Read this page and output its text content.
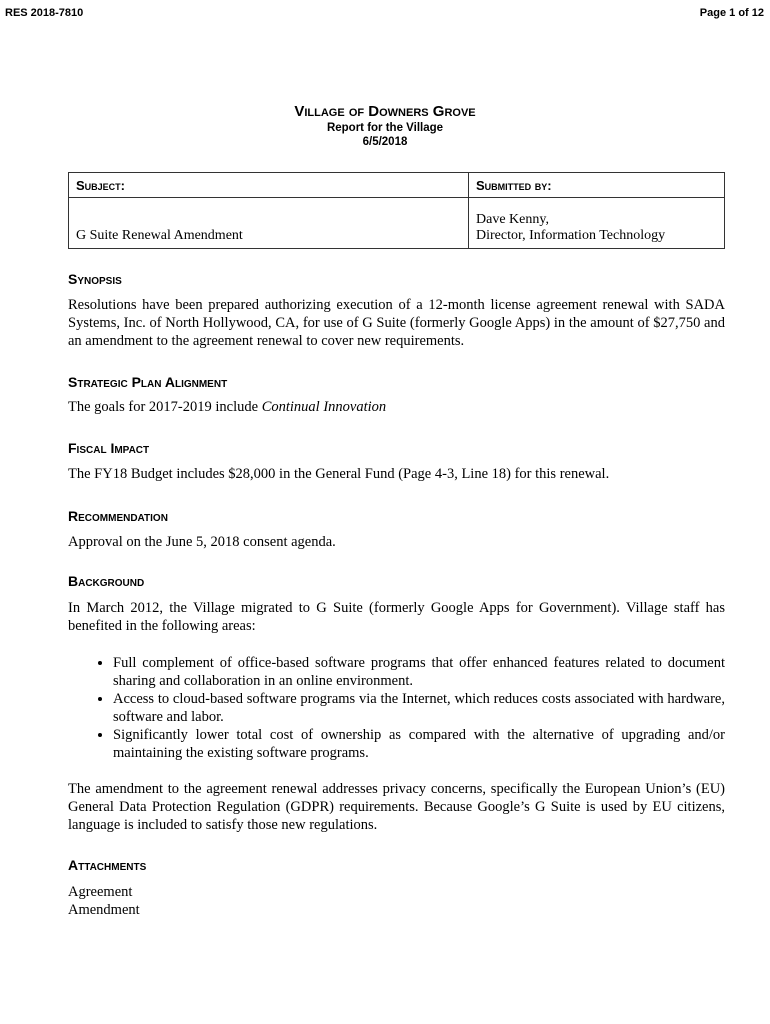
RES 2018-7810	Page 1 of 12
Village of Downers Grove
Report for the Village
6/5/2018
Subject:	Submitted by:
G Suite Renewal Amendment	Dave Kenny,
Director, Information Technology
Synopsis
Resolutions have been prepared authorizing execution of a 12-month license agreement renewal with SADA Systems, Inc. of North Hollywood, CA, for use of G Suite (formerly Google Apps) in the amount of $27,750 and an amendment to the agreement renewal to cover new requirements.
Strategic Plan Alignment
The goals for 2017-2019 include Continual Innovation
Fiscal Impact
The FY18 Budget includes $28,000 in the General Fund (Page 4-3, Line 18) for this renewal.
Recommendation
Approval on the June 5, 2018 consent agenda.
Background
In March 2012, the Village migrated to G Suite (formerly Google Apps for Government). Village staff has benefited in the following areas:
• Full complement of office-based software programs that offer enhanced features related to document sharing and collaboration in an online environment.
• Access to cloud-based software programs via the Internet, which reduces costs associated with hardware, software and labor.
• Significantly lower total cost of ownership as compared with the alternative of upgrading and/or maintaining the existing software programs.
The amendment to the agreement renewal addresses privacy concerns, specifically the European Union’s (EU) General Data Protection Regulation (GDPR) requirements. Because Google’s G Suite is used by EU citizens, language is included to satisfy those new regulations.
Attachments
Agreement
Amendment
